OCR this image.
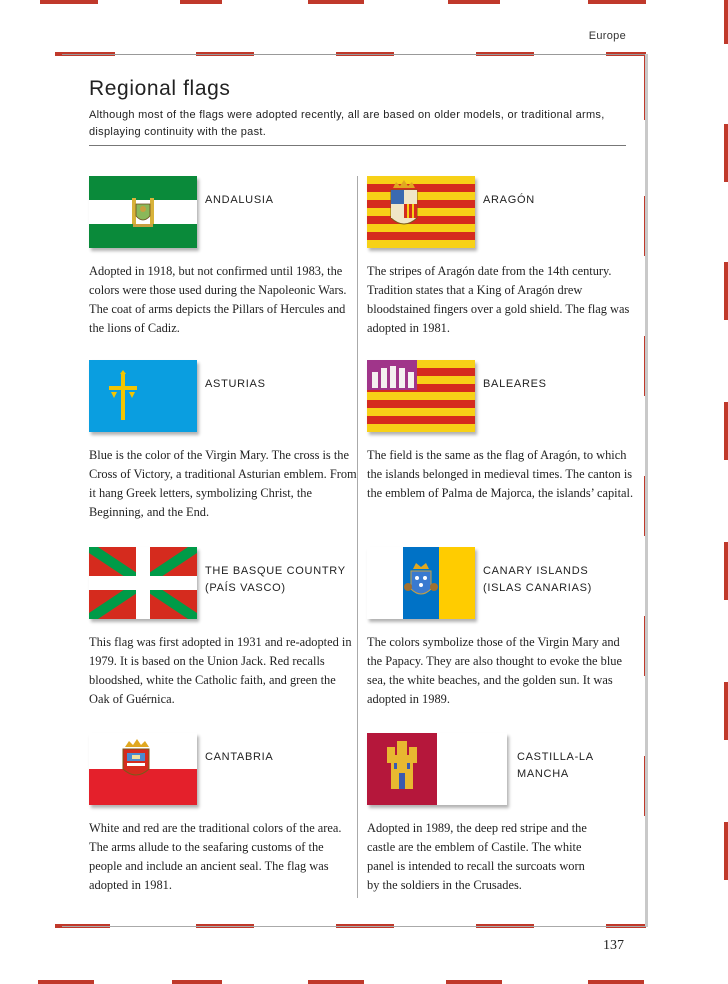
Europe
Regional flags

Although most of the flags were adopted recently, all are based on older models, or traditional arms, displaying continuity with the past.

ANDALUSIA

Adopted in 1918, but not confirmed until 1983, the colors were those used during the Napoleonic Wars. The coat of arms depicts the Pillars of Hercules and the lions of Cadiz.

ARAGÓN

The stripes of Aragón date from the 14th century. Tradition states that a King of Aragón drew bloodstained fingers over a gold shield. The flag was adopted in 1981.

ASTURIAS

Blue is the color of the Virgin Mary. The cross is the Cross of Victory, a traditional Asturian emblem. From it hang Greek letters, symbolizing Christ, the Beginning, and the End.

BALEARES

The field is the same as the flag of Aragón, to which the islands belonged in medieval times. The canton is the emblem of Palma de Majorca, the islands’ capital.

THE BASQUE COUNTRY
(PAÍS VASCO)

This flag was first adopted in 1931 and re-adopted in 1979. It is based on the Union Jack. Red recalls bloodshed, white the Catholic faith, and green the Oak of Guérnica.

CANARY ISLANDS
(ISLAS CANARIAS)

The colors symbolize those of the Virgin Mary and the Papacy. They are also thought to evoke the blue sea, the white beaches, and the golden sun. It was adopted in 1989.

CANTABRIA

White and red are the traditional colors of the area. The arms allude to the seafaring customs of the people and include an ancient seal. The flag was adopted in 1981.

CASTILLA-LA
MANCHA

Adopted in 1989, the deep red stripe and the castle are the emblem of Castile. The white panel is intended to recall the surcoats worn by the soldiers in the Crusades.

137
